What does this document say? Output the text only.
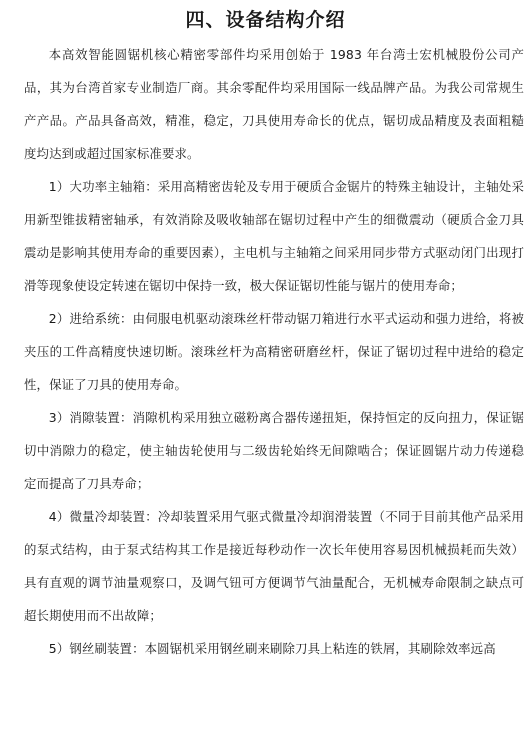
四、设备结构介绍

本高效智能圆锯机核心精密零部件均采用创始于 1983 年台湾士宏机械股份公司产品，其为台湾首家专业制造厂商。其余零配件均采用国际一线品牌产品。为我公司常规生产产品。产品具备高效，精准，稳定，刀具使用寿命长的优点，锯切成品精度及表面粗糙度均达到或超过国家标准要求。

1）大功率主轴箱：采用高精密齿轮及专用于硬质合金锯片的特殊主轴设计，主轴处采用新型锥拔精密轴承，有效消除及吸收轴部在锯切过程中产生的细微震动（硬质合金刀具震动是影响其使用寿命的重要因素），主电机与主轴箱之间采用同步带方式驱动闭门出现打滑等现象使设定转速在锯切中保持一致，极大保证锯切性能与锯片的使用寿命；

2）进给系统：由伺服电机驱动滚珠丝杆带动锯刀箱进行水平式运动和强力进给，将被夹压的工件高精度快速切断。滚珠丝杆为高精密研磨丝杆，保证了锯切过程中进给的稳定性，保证了刀具的使用寿命。

3）消隙装置：消隙机构采用独立磁粉离合器传递扭矩，保持恒定的反向扭力，保证锯切中消隙力的稳定，使主轴齿轮使用与二级齿轮始终无间隙啮合；保证圆锯片动力传递稳定而提高了刀具寿命；

4）微量冷却装置：冷却装置采用气驱式微量冷却润滑装置（不同于目前其他产品采用的泵式结构，由于泵式结构其工作是接近每秒动作一次长年使用容易因机械损耗而失效）具有直观的调节油量观察口，及调气钮可方便调节气油量配合，无机械寿命限制之缺点可超长期使用而不出故障；

5）钢丝刷装置：本圆锯机采用钢丝刷来刷除刀具上粘连的铁屑，其刷除效率远高
